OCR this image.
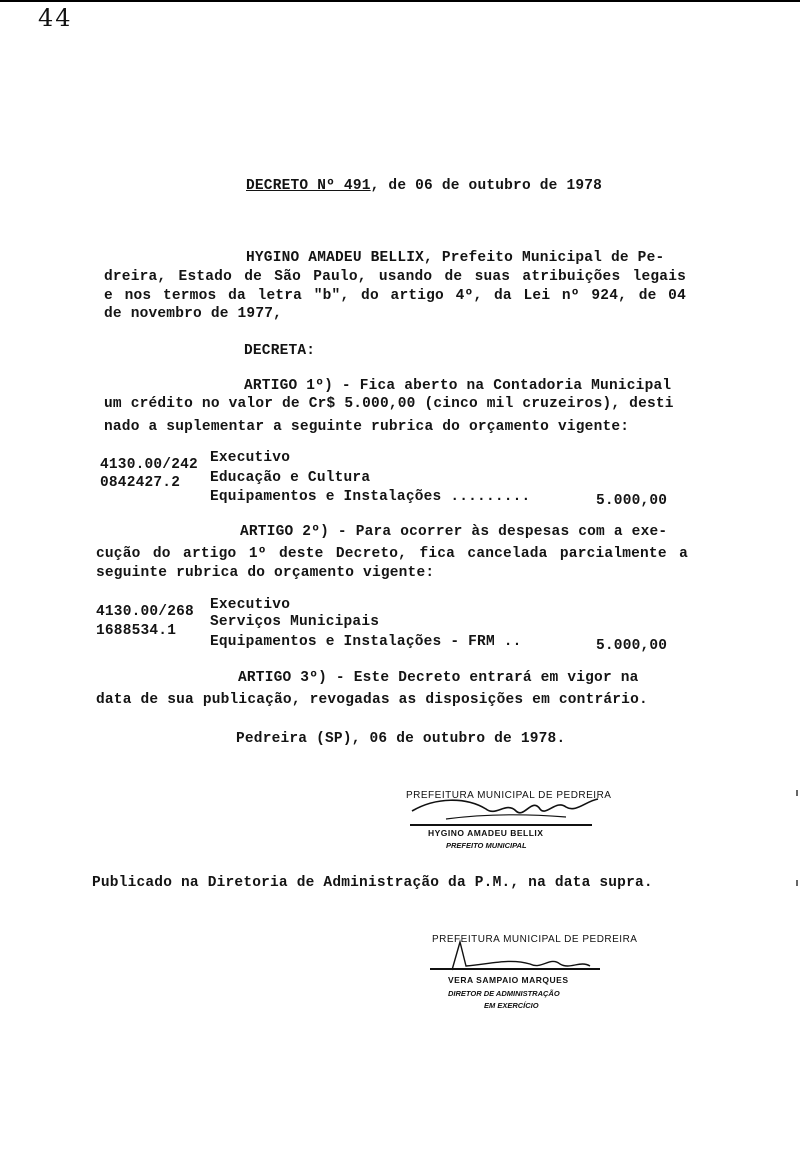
44
DECRETO Nº 491, de 06 de outubro de 1978
HYGINO AMADEU BELLIX, Prefeito Municipal de Pe-
dreira, Estado de São Paulo, usando de suas atribuições legais
e nos termos da letra "b", do artigo 4º, da Lei nº 924, de 04
de novembro de 1977,
DECRETA:
ARTIGO 1º) - Fica aberto na Contadoria Municipal
um crédito no valor de Cr$ 5.000,00 (cinco mil cruzeiros), desti
nado a suplementar a seguinte rubrica do orçamento vigente:
4130.00/242
0842427.2
Executivo
Educação e Cultura
Equipamentos e Instalações .........	5.000,00
ARTIGO 2º) - Para ocorrer às despesas com a exe-
cução do artigo 1º deste Decreto, fica cancelada parcialmente a
seguinte rubrica do orçamento vigente:
4130.00/268
1688534.1
Executivo
Serviços Municipais
Equipamentos e Instalações - FRM ..	5.000,00
ARTIGO 3º) - Este Decreto entrará em vigor na
data de sua publicação, revogadas as disposições em contrário.
Pedreira (SP), 06 de outubro de 1978.
PREFEITURA MUNICIPAL DE PEDREIRA
HYGINO AMADEU BELLIX
PREFEITO MUNICIPAL
Publicado na Diretoria de Administração da P.M., na data supra.
PREFEITURA MUNICIPAL DE PEDREIRA
VERA SAMPAIO MARQUES
DIRETOR DE ADMINISTRAÇÃO
EM EXERCÍCIO
